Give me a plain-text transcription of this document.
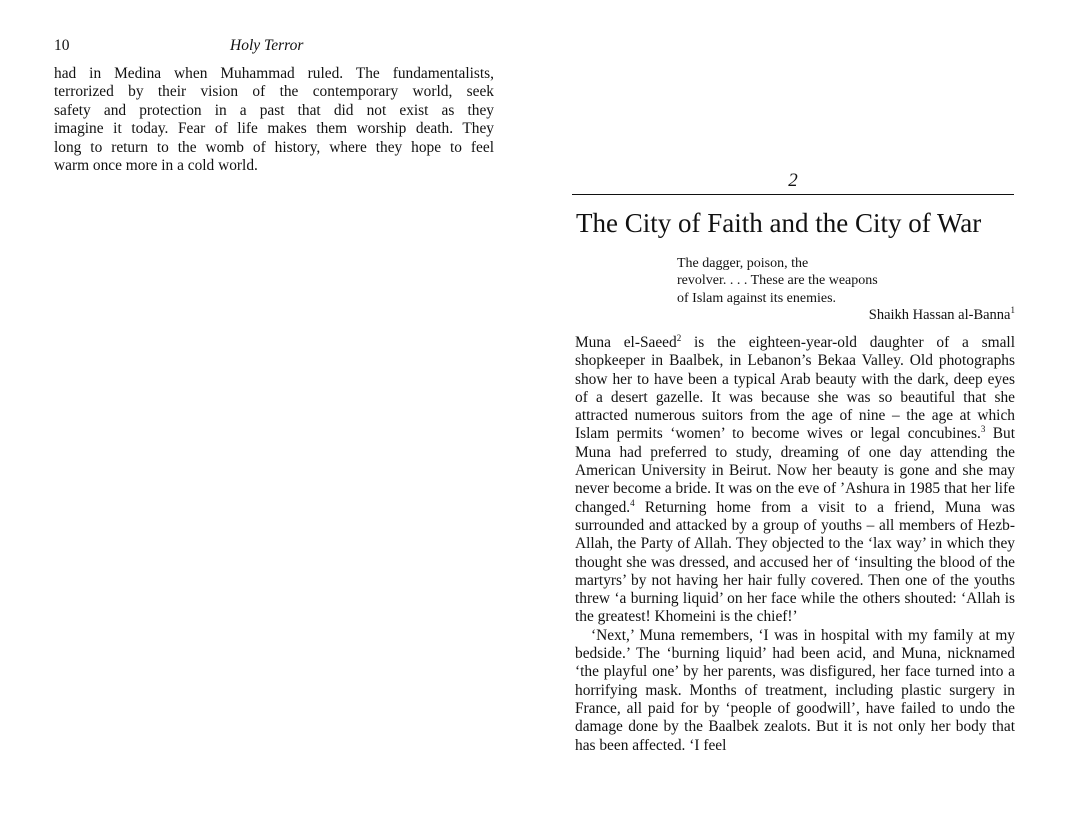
10	Holy Terror

had in Medina when Muhammad ruled. The fundamentalists,
terrorized by their vision of the contemporary world, seek
safety and protection in a past that did not exist as they
imagine it today. Fear of life makes them worship death. They
long to return to the womb of history, where they hope to feel
warm once more in a cold world.

2
The City of Faith and the City of War
The dagger, poison, the
revolver. . . . These are the weapons
of Islam against its enemies.
Shaikh Hassan al-Banna$^1$

Muna el-Saeed$^2$ is the eighteen-year-old daughter of a small shopkeeper in Baalbek, in Lebanon’s Bekaa Valley. Old photographs show her to have been a typical Arab beauty with the dark, deep eyes of a desert gazelle. It was because she was so beautiful that she attracted numerous suitors from the age of nine – the age at which Islam permits ‘women’ to become wives or legal concubines.$^3$ But Muna had preferred to study, dreaming of one day attending the American University in Beirut. Now her beauty is gone and she may never become a bride. It was on the eve of ’Ashura in 1985 that her life changed.$^4$ Returning home from a visit to a friend, Muna was surrounded and attacked by a group of youths – all members of Hezb-Allah, the Party of Allah. They objected to the ‘lax way’ in which they thought she was dressed, and accused her of ‘insulting the blood of the martyrs’ by not having her hair fully covered. Then one of the youths threw ‘a burning liquid’ on her face while the others shouted: ‘Allah is the greatest! Khomeini is the chief!’

‘Next,’ Muna remembers, ‘I was in hospital with my family at my bedside.’ The ‘burning liquid’ had been acid, and Muna, nicknamed ‘the playful one’ by her parents, was disfigured, her face turned into a horrifying mask. Months of treatment, including plastic surgery in France, all paid for by ‘people of goodwill’, have failed to undo the damage done by the Baalbek zealots. But it is not only her body that has been affected. ‘I feel
